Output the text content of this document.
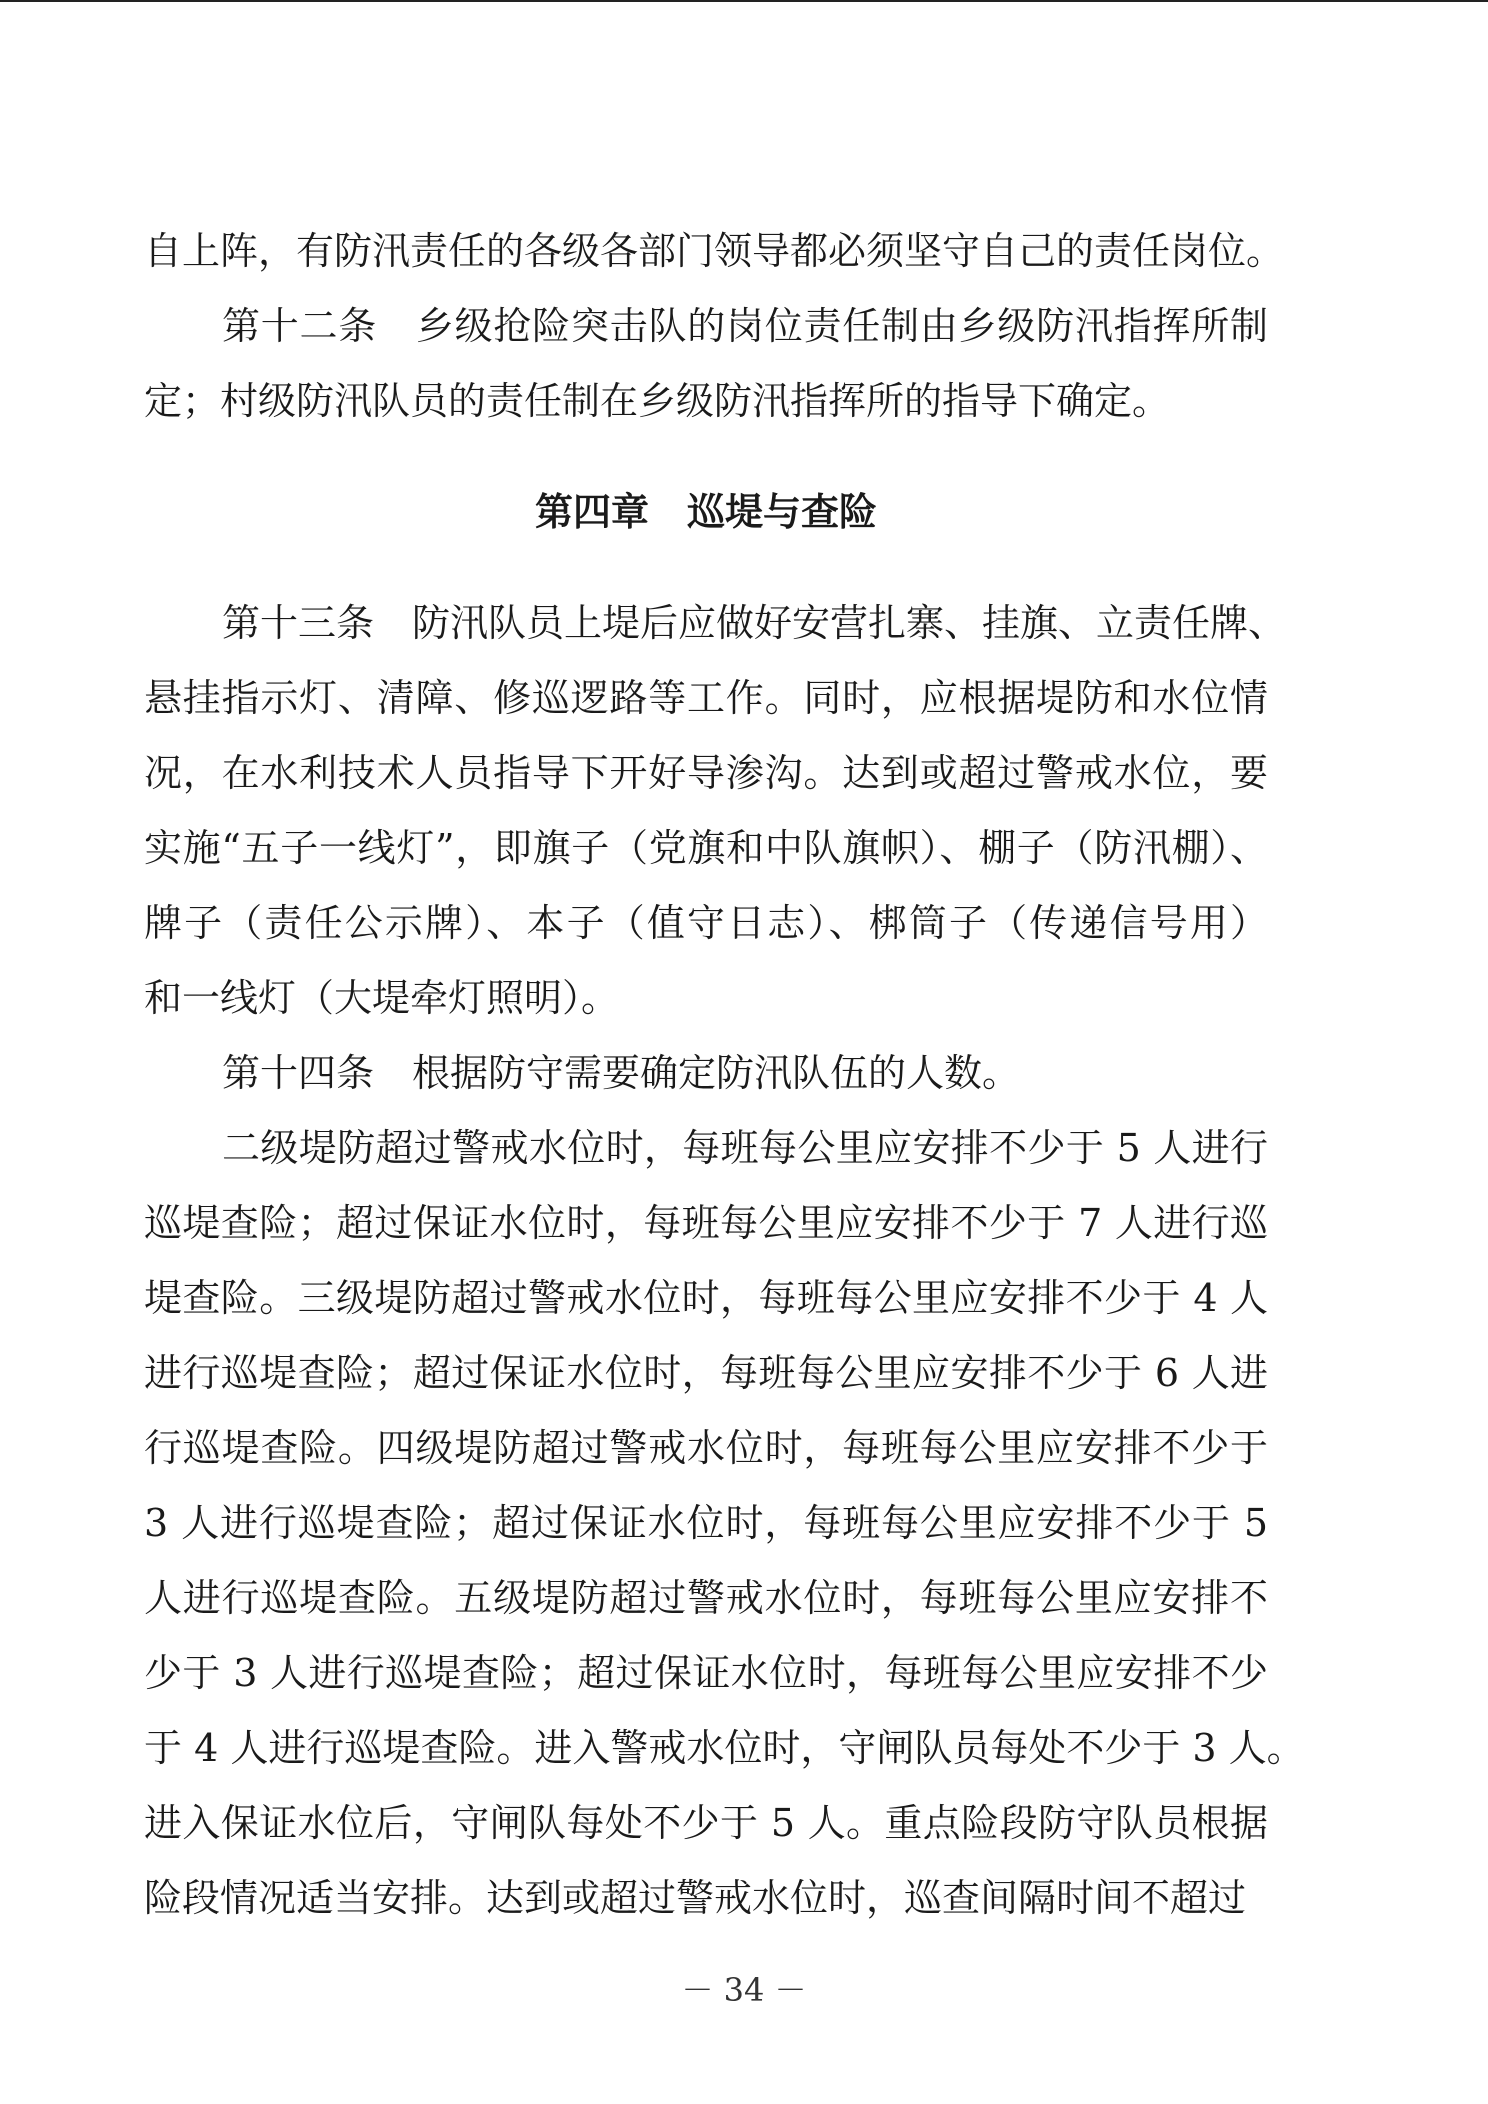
自上阵，有防汛责任的各级各部门领导都必须坚守自己的责任岗位。
第十二条　乡级抢险突击队的岗位责任制由乡级防汛指挥所制
定；村级防汛队员的责任制在乡级防汛指挥所的指导下确定。
第四章　巡堤与查险
第十三条　防汛队员上堤后应做好安营扎寨、挂旗、立责任牌、
悬挂指示灯、清障、修巡逻路等工作。同时，应根据堤防和水位情
况，在水利技术人员指导下开好导渗沟。达到或超过警戒水位，要
实施“五子一线灯”，即旗子（党旗和中队旗帜）、棚子（防汛棚）、
牌子（责任公示牌）、本子（值守日志）、梆筒子（传递信号用）
和一线灯（大堤牵灯照明）。
第十四条　根据防守需要确定防汛队伍的人数。
二级堤防超过警戒水位时，每班每公里应安排不少于 5 人进行
巡堤查险；超过保证水位时，每班每公里应安排不少于 7 人进行巡
堤查险。三级堤防超过警戒水位时，每班每公里应安排不少于 4 人
进行巡堤查险；超过保证水位时，每班每公里应安排不少于 6 人进
行巡堤查险。四级堤防超过警戒水位时，每班每公里应安排不少于
3 人进行巡堤查险；超过保证水位时，每班每公里应安排不少于 5
人进行巡堤查险。五级堤防超过警戒水位时，每班每公里应安排不
少于 3 人进行巡堤查险；超过保证水位时，每班每公里应安排不少
于 4 人进行巡堤查险。进入警戒水位时，守闸队员每处不少于 3 人。
进入保证水位后，守闸队每处不少于 5 人。重点险段防守队员根据
险段情况适当安排。达到或超过警戒水位时，巡查间隔时间不超过
－ 34 －
